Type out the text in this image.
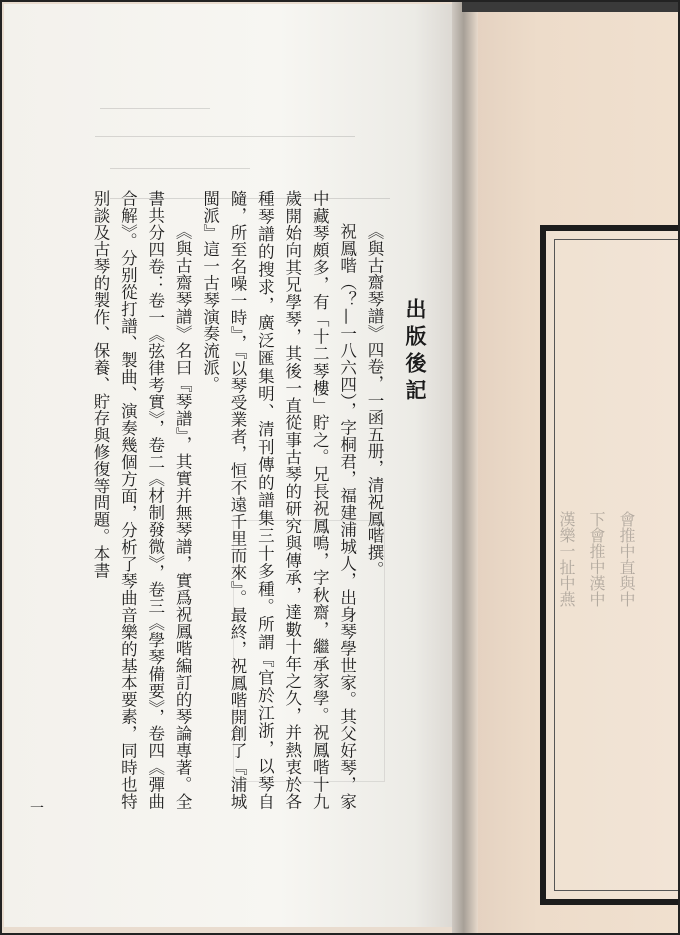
漢樂一扯中燕 下會推中漢中 會推中直與中
出版後記

《與古齋琴譜》四卷，一函五册，清祝鳳喈撰。

祝鳳喈（？—一八六四），字桐君，福建浦城人，出身琴學世家。其父好琴，家中藏琴頗多，有「十二琴樓」貯之。兄長祝鳳鳴，字秋齋，繼承家學。祝鳳喈十九歲開始向其兄學琴，其後一直從事古琴的研究與傳承，達數十年之久，并熱衷於各種琴譜的搜求，廣泛匯集明、清刊傳的譜集三十多種。所謂『官於江浙，以琴自隨，所至名噪一時』，『以琴受業者，恒不遠千里而來』。最終，祝鳳喈開創了『浦城閩派』這一古琴演奏流派。

《與古齋琴譜》名曰『琴譜』，其實并無琴譜，實爲祝鳳喈編訂的琴論專著。全書共分四卷：卷一《弦律考實》，卷二《材制發微》，卷三《學琴備要》，卷四《彈曲合解》。分别從打譜、製曲、演奏幾個方面，分析了琴曲音樂的基本要素，同時也特别談及古琴的製作、保養、貯存與修復等問題。本書

一
